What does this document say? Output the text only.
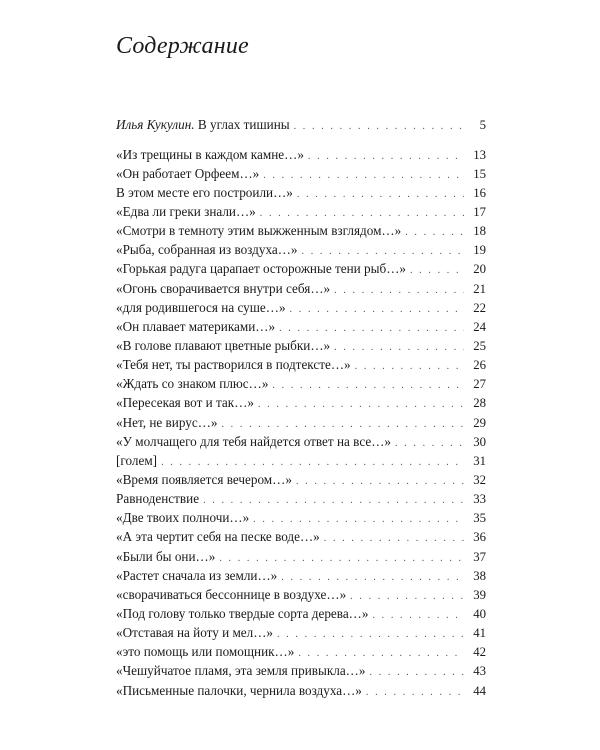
Содержание
Илья Кукулин. В углах тишины . . .	5
«Из трещины в каждом камне…» . . .	13
«Он работает Орфеем…» . . .	15
В этом месте его построили…» . . .	16
«Едва ли греки знали…» . . .	17
«Смотри в темноту этим выжженным взглядом…» . . .	18
«Рыба, собранная из воздуха…» . . .	19
«Горькая радуга царапает осторожные тени рыб…» . . .	20
«Огонь сворачивается внутри себя…» . . .	21
«для родившегося на суше…» . . .	22
«Он плавает материками…» . . .	24
«В голове плавают цветные рыбки…» . . .	25
«Тебя нет, ты растворился в подтексте…» . . .	26
«Ждать со знаком плюс…» . . .	27
«Пересекая вот и так…» . . .	28
«Нет, не вирус…» . . .	29
«У молчащего для тебя найдется ответ на все…» . . .	30
[голем] . . .	31
«Время появляется вечером…» . . .	32
Равноденствие . . .	33
«Две твоих полночи…» . . .	35
«А эта чертит себя на песке воде…» . . .	36
«Были бы они…» . . .	37
«Растет сначала из земли…» . . .	38
«сворачиваться бессоннице в воздухе…» . . .	39
«Под голову только твердые сорта дерева…» . . .	40
«Отставая на йоту и мел…» . . .	41
«это помощь или помощник…» . . .	42
«Чешуйчатое пламя, эта земля привыкла…» . . .	43
«Письменные палочки, чернила воздуха…» . . .	44
